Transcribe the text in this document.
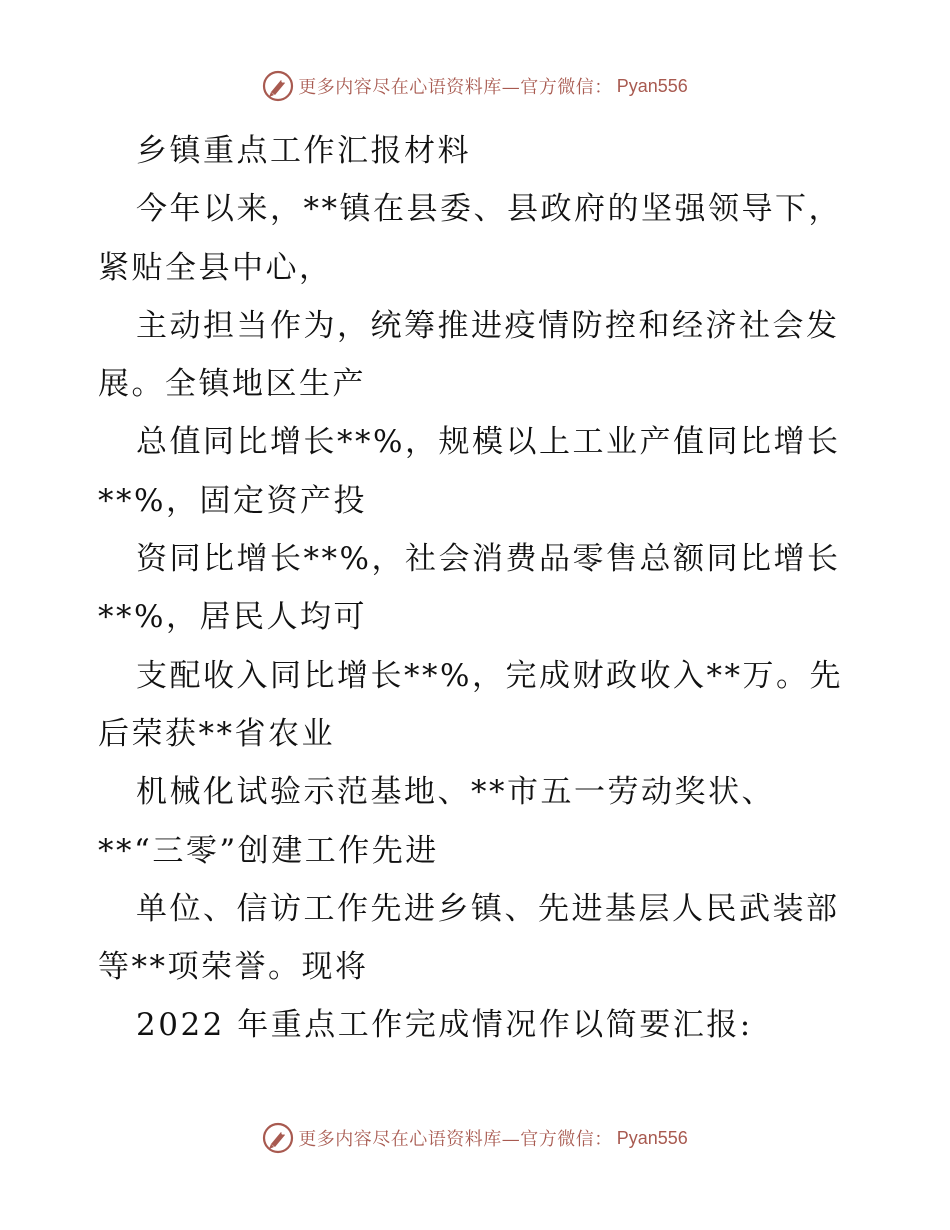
更多内容尽在心语资料库—官方微信： Pyan556
乡镇重点工作汇报材料
今年以来，**镇在县委、县政府的坚强领导下，
紧贴全县中心，
主动担当作为，统筹推进疫情防控和经济社会发
展。全镇地区生产
总值同比增长**%，规模以上工业产值同比增长
**%，固定资产投
资同比增长**%，社会消费品零售总额同比增长
**%，居民人均可
支配收入同比增长**%，完成财政收入**万。先
后荣获**省农业
机械化试验示范基地、**市五一劳动奖状、
**“三零”创建工作先进
单位、信访工作先进乡镇、先进基层人民武装部
等**项荣誉。现将
2022 年重点工作完成情况作以简要汇报:
更多内容尽在心语资料库—官方微信： Pyan556
